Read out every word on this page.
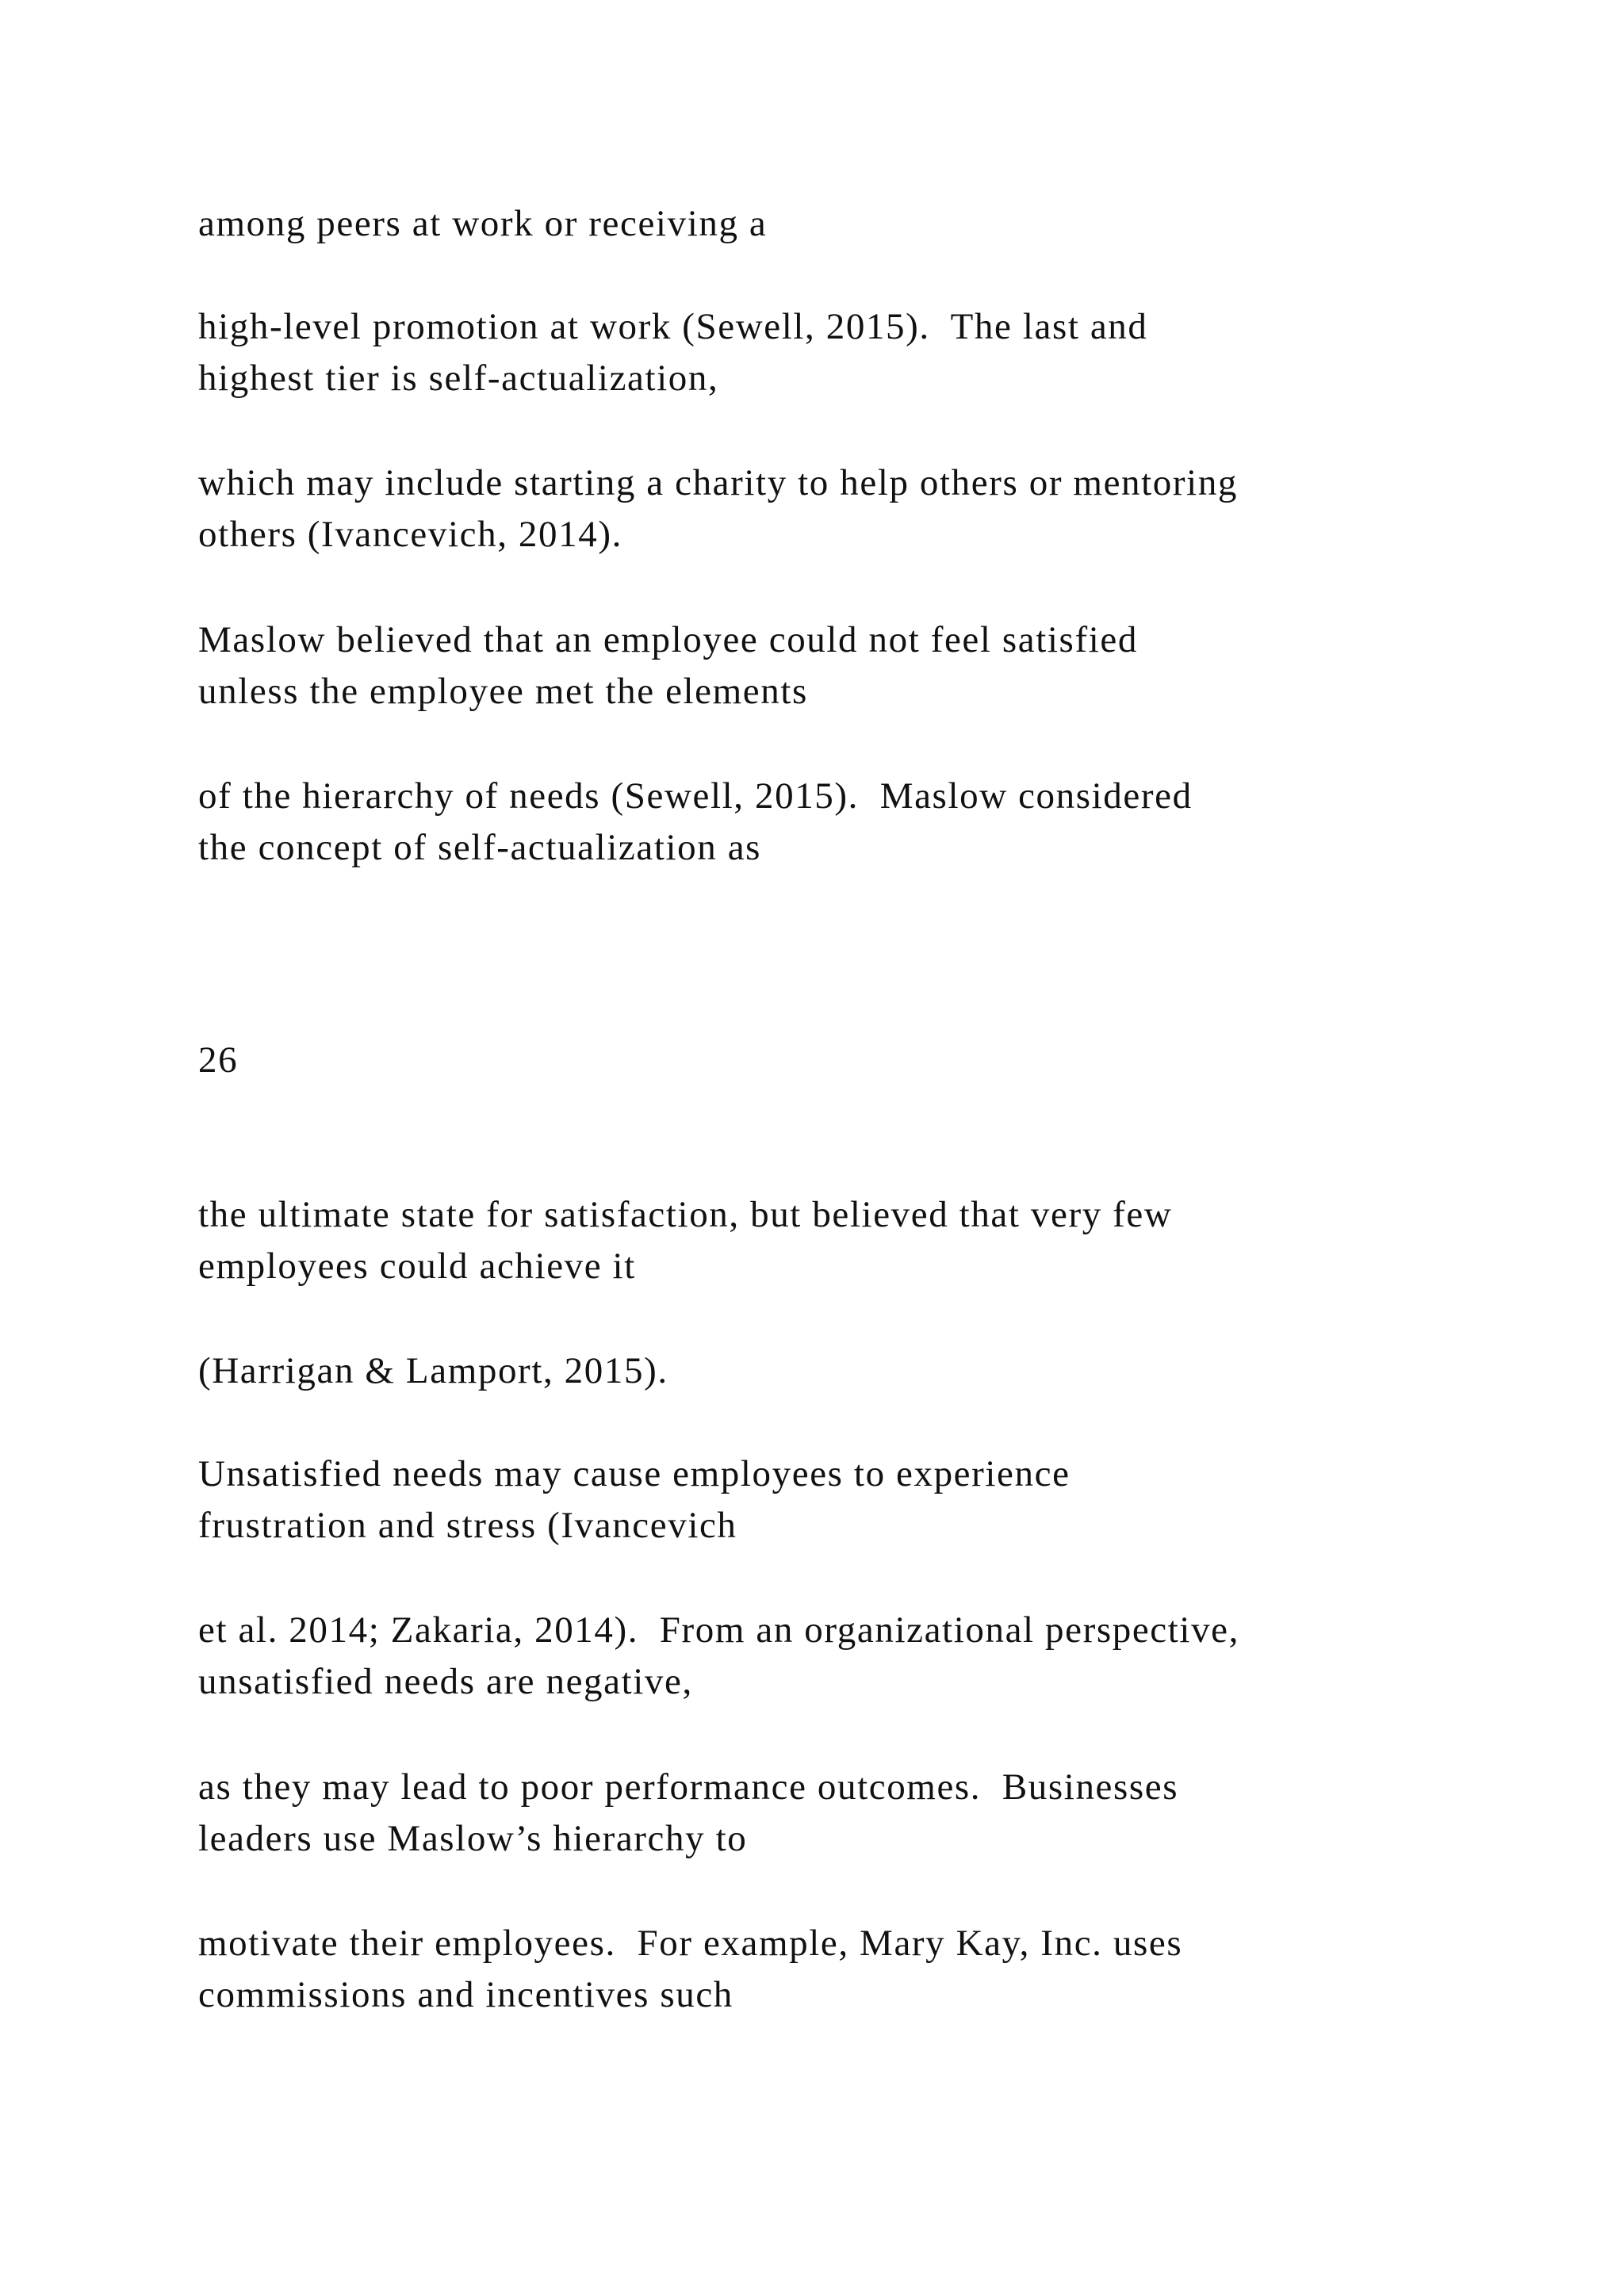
among peers at work or receiving a

high-level promotion at work (Sewell, 2015).  The last and
highest tier is self-actualization,

which may include starting a charity to help others or mentoring
others (Ivancevich, 2014).

Maslow believed that an employee could not feel satisfied
unless the employee met the elements

of the hierarchy of needs (Sewell, 2015).  Maslow considered
the concept of self-actualization as

26

the ultimate state for satisfaction, but believed that very few
employees could achieve it

(Harrigan & Lamport, 2015).

Unsatisfied needs may cause employees to experience
frustration and stress (Ivancevich

et al. 2014; Zakaria, 2014).  From an organizational perspective,
unsatisfied needs are negative,

as they may lead to poor performance outcomes.  Businesses
leaders use Maslow’s hierarchy to

motivate their employees.  For example, Mary Kay, Inc. uses
commissions and incentives such
